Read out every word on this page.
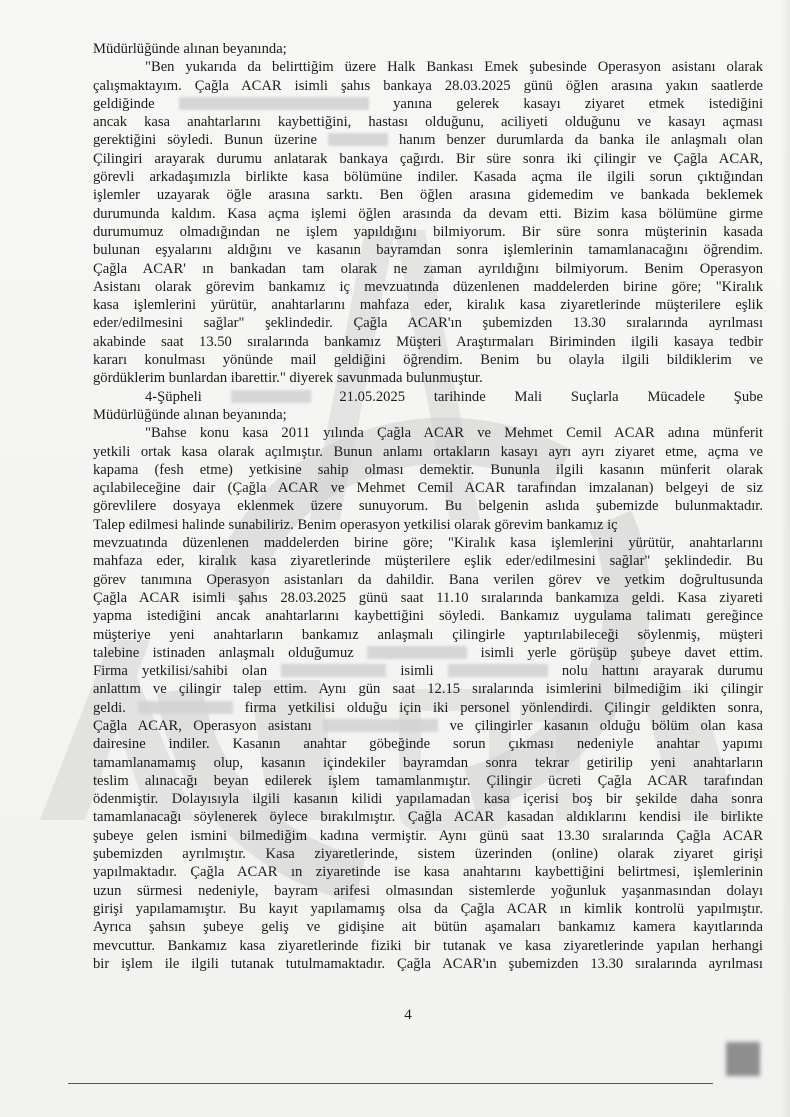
Müdürlüğünde alınan beyanında;
"Ben yukarıda da belirttiğim üzere Halk Bankası Emek şubesinde Operasyon asistanı olarak
çalışmaktayım. Çağla ACAR isimli şahıs bankaya 28.03.2025 günü öğlen arasına yakın saatlerde
geldiğinde	yanına gelerek kasayı ziyaret etmek istediğini
ancak kasa anahtarlarını kaybettiğini, hastası olduğunu, aciliyeti olduğunu ve kasayı açması
gerektiğini söyledi. Bunun üzerine	hanım benzer durumlarda da banka ile anlaşmalı olan
Çilingiri arayarak durumu anlatarak bankaya çağırdı. Bir süre sonra iki çilingir ve Çağla ACAR,
görevli arkadaşımızla birlikte kasa bölümüne indiler. Kasada açma ile ilgili sorun çıktığından
işlemler uzayarak öğle arasına sarktı. Ben öğlen arasına gidemedim ve bankada beklemek
durumunda kaldım. Kasa açma işlemi öğlen arasında da devam etti. Bizim kasa bölümüne girme
durumumuz olmadığından ne işlem yapıldığını bilmiyorum. Bir süre sonra müşterinin kasada
bulunan eşyalarını aldığını ve kasanın bayramdan sonra işlemlerinin tamamlanacağını öğrendim.
Çağla ACAR' ın bankadan tam olarak ne zaman ayrıldığını bilmiyorum. Benim Operasyon
Asistanı olarak görevim bankamız iç mevzuatında düzenlenen maddelerden birine göre; "Kiralık
kasa işlemlerini yürütür, anahtarlarını mahfaza eder, kiralık kasa ziyaretlerinde müşterilere eşlik
eder/edilmesini sağlar" şeklindedir. Çağla ACAR'ın şubemizden 13.30 sıralarında ayrılması
akabinde saat 13.50 sıralarında bankamız Müşteri Araştırmaları Biriminden ilgili kasaya tedbir
kararı konulması yönünde mail geldiğini öğrendim. Benim bu olayla ilgili bildiklerim ve
gördüklerim bunlardan ibarettir." diyerek savunmada bulunmuştur.
4-Şüpheli	21.05.2025 tarihinde Mali Suçlarla Mücadele Şube
Müdürlüğünde alınan beyanında;
"Bahse konu kasa 2011 yılında Çağla ACAR ve Mehmet Cemil ACAR adına münferit
yetkili ortak kasa olarak açılmıştır. Bunun anlamı ortakların kasayı ayrı ayrı ziyaret etme, açma ve
kapama (fesh etme) yetkisine sahip olması demektir. Bununla ilgili kasanın münferit olarak
açılabileceğine dair (Çağla ACAR ve Mehmet Cemil ACAR tarafından imzalanan) belgeyi de siz
görevlilere dosyaya eklenmek üzere sunuyorum. Bu belgenin aslıda şubemizde bulunmaktadır.
Talep edilmesi halinde sunabiliriz. Benim operasyon yetkilisi olarak görevim bankamız iç
mevzuatında düzenlenen maddelerden birine göre; "Kiralık kasa işlemlerini yürütür, anahtarlarını
mahfaza eder, kiralık kasa ziyaretlerinde müşterilere eşlik eder/edilmesini sağlar" şeklindedir. Bu
görev tanımına Operasyon asistanları da dahildir. Bana verilen görev ve yetkim doğrultusunda
Çağla ACAR isimli şahıs 28.03.2025 günü saat 11.10 sıralarında bankamıza geldi. Kasa ziyareti
yapma istediğini ancak anahtarlarını kaybettiğini söyledi. Bankamız uygulama talimatı gereğince
müşteriye yeni anahtarların bankamız anlaşmalı çilingirle yaptırılabileceği söylenmiş, müşteri
talebine istinaden anlaşmalı olduğumuz	isimli yerle görüşüp şubeye davet ettim.
Firma yetkilisi/sahibi olan	isimli	nolu hattını arayarak durumu
anlattım ve çilingir talep ettim. Aynı gün saat 12.15 sıralarında isimlerini bilmediğim iki çilingir
geldi.	firma yetkilisi olduğu için iki personel yönlendirdi. Çilingir geldikten sonra,
Çağla ACAR, Operasyon asistanı	ve çilingirler kasanın olduğu bölüm olan kasa
dairesine indiler. Kasanın anahtar göbeğinde sorun çıkması nedeniyle anahtar yapımı
tamamlanamamış olup, kasanın içindekiler bayramdan sonra tekrar getirilip yeni anahtarların
teslim alınacağı beyan edilerek işlem tamamlanmıştır. Çilingir ücreti Çağla ACAR tarafından
ödenmiştir. Dolayısıyla ilgili kasanın kilidi yapılamadan kasa içerisi boş bir şekilde daha sonra
tamamlanacağı söylenerek öylece bırakılmıştır. Çağla ACAR kasadan aldıklarını kendisi ile birlikte
şubeye gelen ismini bilmediğim kadına vermiştir. Aynı günü saat 13.30 sıralarında Çağla ACAR
şubemizden ayrılmıştır. Kasa ziyaretlerinde, sistem üzerinden (online) olarak ziyaret girişi
yapılmaktadır. Çağla ACAR ın ziyaretinde ise kasa anahtarını kaybettiğini belirtmesi, işlemlerinin
uzun sürmesi nedeniyle, bayram arifesi olmasından sistemlerde yoğunluk yaşanmasından dolayı
girişi yapılamamıştır. Bu kayıt yapılamamış olsa da Çağla ACAR ın kimlik kontrolü yapılmıştır.
Ayrıca şahsın şubeye geliş ve gidişine ait bütün aşamaları bankamız kamera kayıtlarında
mevcuttur. Bankamız kasa ziyaretlerinde fiziki bir tutanak ve kasa ziyaretlerinde yapılan herhangi
bir işlem ile ilgili tutanak tutulmamaktadır. Çağla ACAR'ın şubemizden 13.30 sıralarında ayrılması
4
